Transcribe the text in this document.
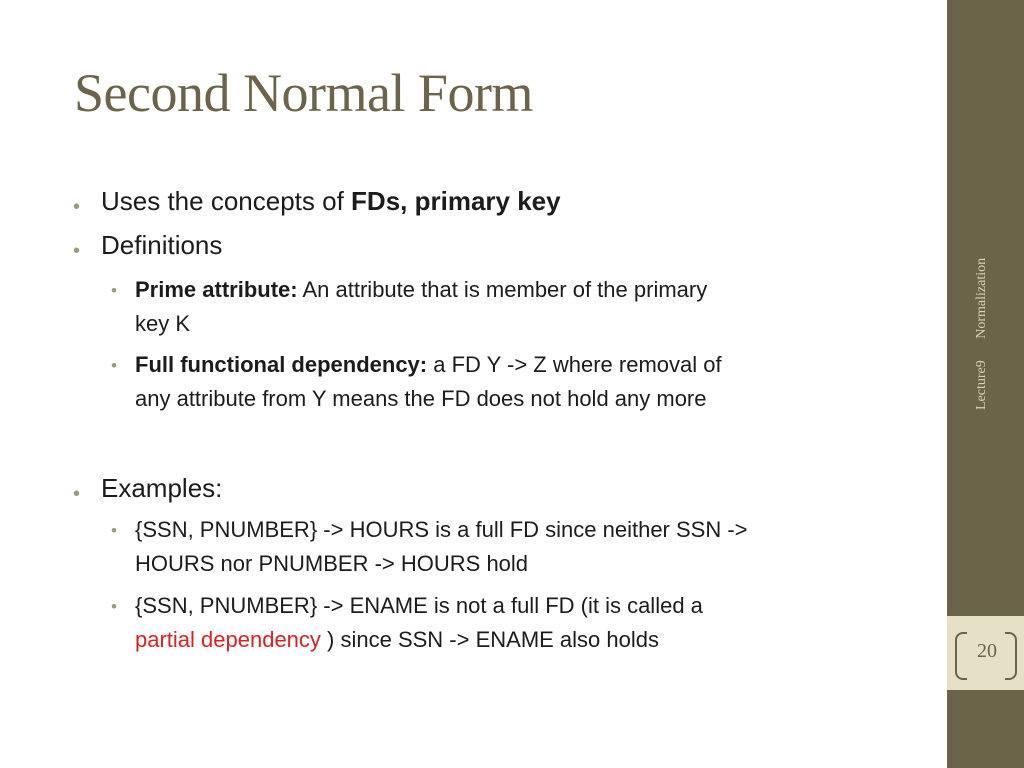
Second Normal Form
• Uses the concepts of FDs, primary key
• Definitions
• Prime attribute: An attribute that is member of the primary
key K
• Full functional dependency: a FD Y -> Z where removal of
any attribute from Y means the FD does not hold any more
• Examples:
• {SSN, PNUMBER} -> HOURS is a full FD since neither SSN ->
HOURS nor PNUMBER -> HOURS hold
• {SSN, PNUMBER} -> ENAME is not a full FD (it is called a
partial dependency ) since SSN -> ENAME also holds
Lecture9 Normalization
20
